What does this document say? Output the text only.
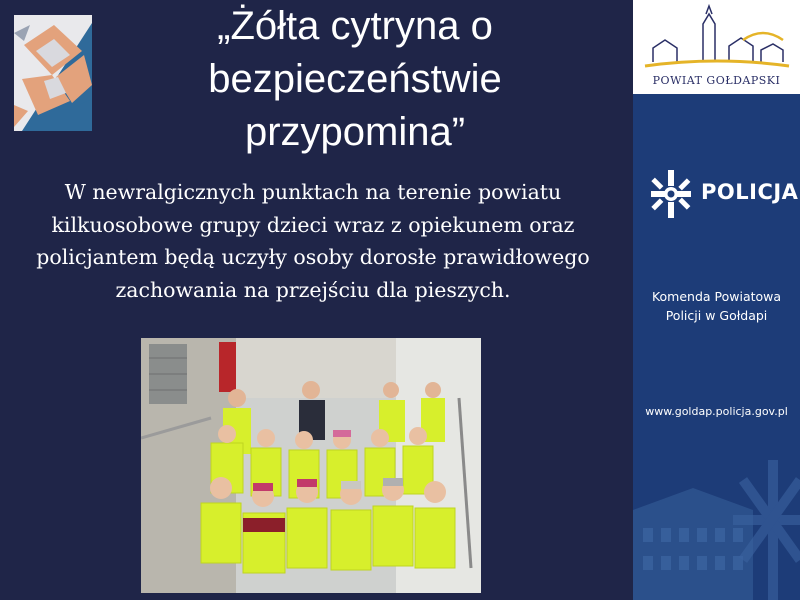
„Żółta cytryna o bezpieczeństwie przypomina”
W newralgicznych punktach na terenie powiatu kilkuosobowe grupy dzieci wraz z opiekunem oraz policjantem będą uczyły osoby dorosłe prawidłowego zachowania na przejściu dla pieszych.
POWIAT GOŁDAPSKI
POLICJA
Komenda Powiatowa
Policji w Gołdapi
www.goldap.policja.gov.pl
